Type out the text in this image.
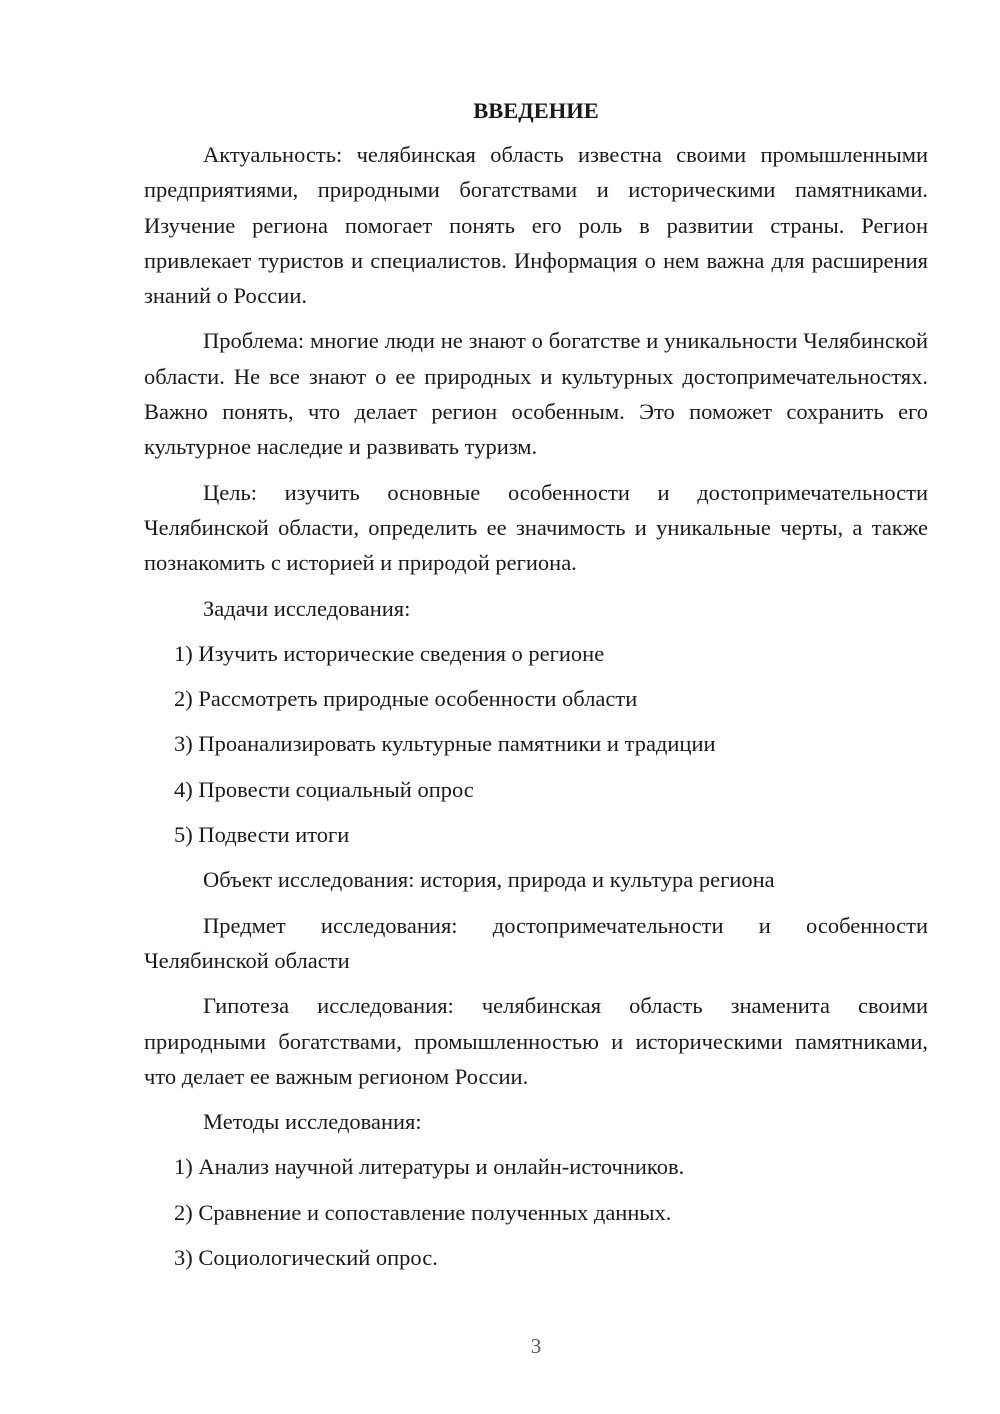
ВВЕДЕНИЕ

Актуальность: челябинская область известна своими промышленными предприятиями, природными богатствами и историческими памятниками. Изучение региона помогает понять его роль в развитии страны. Регион привлекает туристов и специалистов. Информация о нем важна для расширения знаний о России.

Проблема: многие люди не знают о богатстве и уникальности Челябинской области. Не все знают о ее природных и культурных достопримечательностях. Важно понять, что делает регион особенным. Это поможет сохранить его культурное наследие и развивать туризм.

Цель: изучить основные особенности и достопримечательности Челябинской области, определить ее значимость и уникальные черты, а также познакомить с историей и природой региона.

Задачи исследования:

1) Изучить исторические сведения о регионе

2) Рассмотреть природные особенности области

3) Проанализировать культурные памятники и традиции

4) Провести социальный опрос

5) Подвести итоги

Объект исследования: история, природа и культура региона

Предмет исследования: достопримечательности и особенности Челябинской области

Гипотеза исследования: челябинская область знаменита своими природными богатствами, промышленностью и историческими памятниками, что делает ее важным регионом России.

Методы исследования:

1) Анализ научной литературы и онлайн-источников.

2) Сравнение и сопоставление полученных данных.

3) Социологический опрос.

3
